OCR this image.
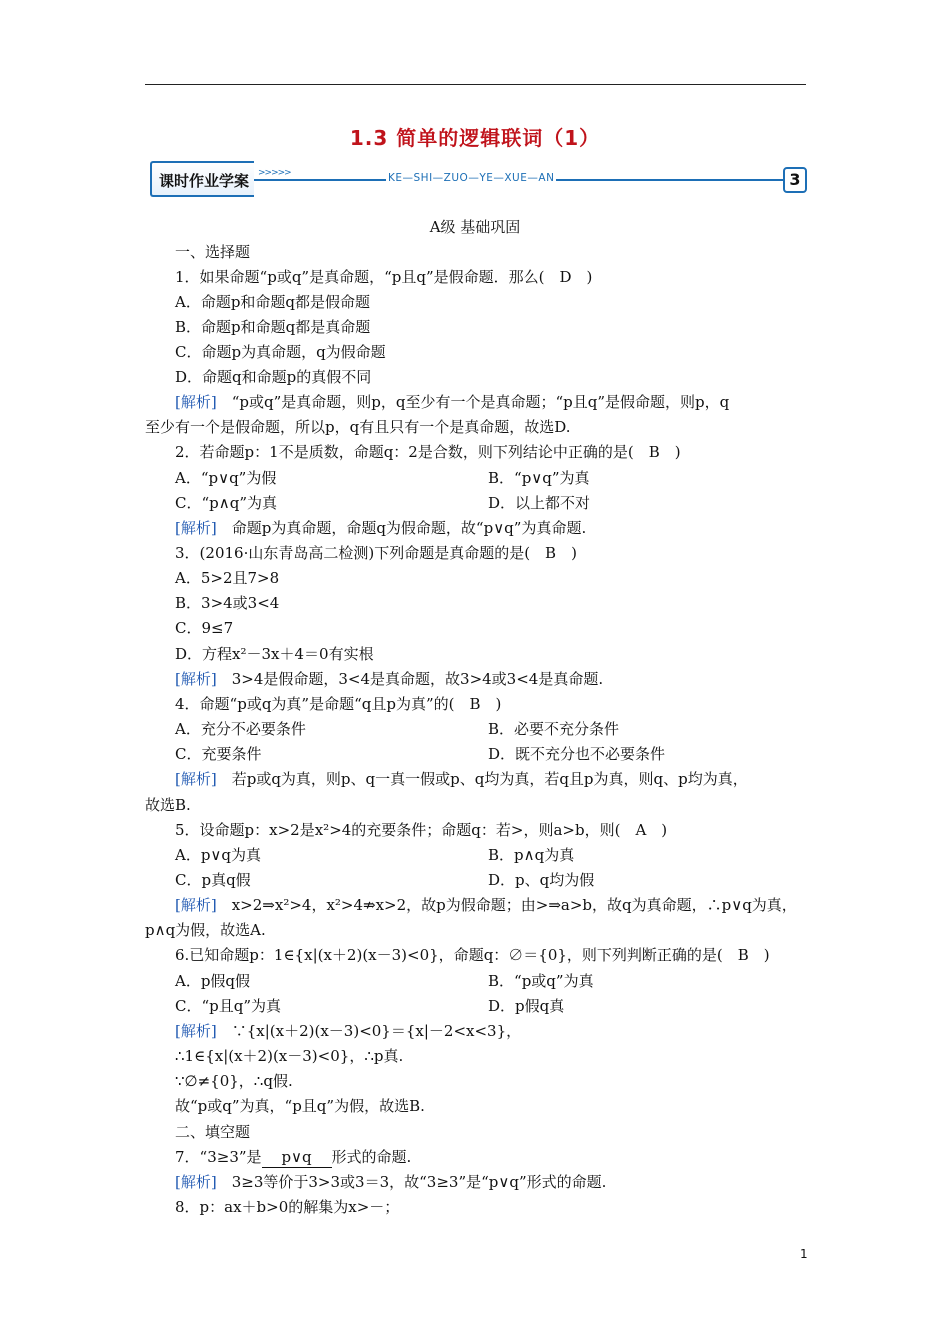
1.3 简单的逻辑联词（1）
课时作业学案 >>>>>	KE—SHI—ZUO—YE—XUE—AN	3
A级 基础巩固
一、选择题
1．如果命题“p或q”是真命题，“p且q”是假命题．那么(　D　)
A．命题p和命题q都是假命题
B．命题p和命题q都是真命题
C．命题p为真命题，q为假命题
D．命题q和命题p的真假不同
[解析]　“p或q”是真命题，则p，q至少有一个是真命题；“p且q”是假命题，则p，q
至少有一个是假命题，所以p，q有且只有一个是真命题，故选D.
2．若命题p：1不是质数，命题q：2是合数，则下列结论中正确的是(　B　)
A．“p∨q”为假	B．“p∨q”为真
C．“p∧q”为真	D．以上都不对
[解析]　命题p为真命题，命题q为假命题，故“p∨q”为真命题.
3．(2016·山东青岛高二检测)下列命题是真命题的是(　B　)
A．5>2且7>8
B．3>4或3<4
C．9≤7
D．方程x²－3x＋4＝0有实根
[解析]　3>4是假命题，3<4是真命题，故3>4或3<4是真命题.
4．命题“p或q为真”是命题“q且p为真”的(　B　)
A．充分不必要条件	B．必要不充分条件
C．充要条件	D．既不充分也不必要条件
[解析]　若p或q为真，则p、q一真一假或p、q均为真，若q且p为真，则q、p均为真，
故选B.
5．设命题p：x>2是x²>4的充要条件；命题q：若>，则a>b，则(　A　)
A．p∨q为真	B．p∧q为真
C．p真q假	D．p、q均为假
[解析]　x>2⇒x²>4，x²>4⇏x>2，故p为假命题；由>⇒a>b，故q为真命题，∴p∨q为真，
p∧q为假，故选A.
6.已知命题p：1∈{x|(x＋2)(x－3)<0}，命题q：∅＝{0}，则下列判断正确的是(　B　)
A．p假q假	B．“p或q”为真
C．“p且q”为真	D．p假q真
[解析]　∵{x|(x＋2)(x－3)<0}＝{x|－2<x<3}，
∴1∈{x|(x＋2)(x－3)<0}，∴p真.
∵∅≠{0}，∴q假.
故“p或q”为真，“p且q”为假，故选B.
二、填空题
7．“3≥3”是 p∨q 形式的命题.
[解析]　3≥3等价于3>3或3＝3，故“3≥3”是“p∨q”形式的命题.
8．p：ax＋b>0的解集为x>－；
1
